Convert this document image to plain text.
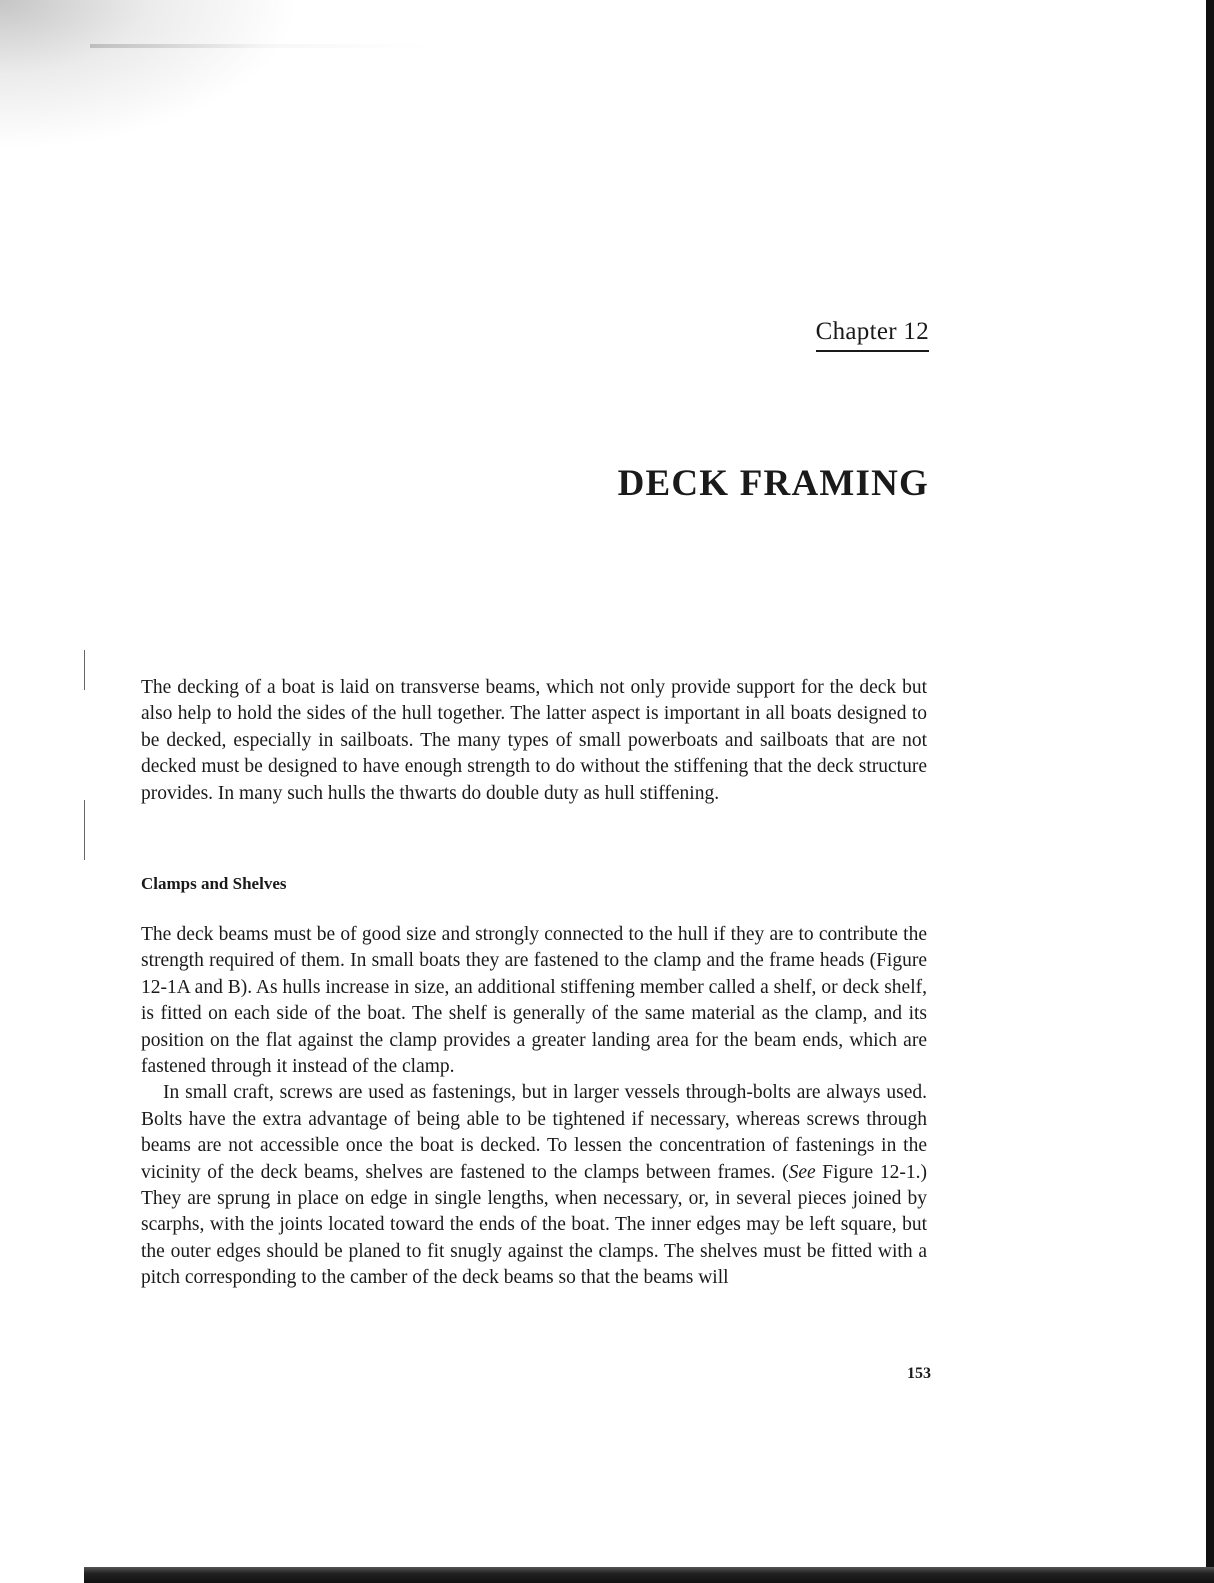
Chapter 12
DECK FRAMING

The decking of a boat is laid on transverse beams, which not only provide support for the deck but also help to hold the sides of the hull together. The latter aspect is important in all boats designed to be decked, especially in sailboats. The many types of small powerboats and sailboats that are not decked must be designed to have enough strength to do without the stiffening that the deck structure provides. In many such hulls the thwarts do double duty as hull stiffening.

Clamps and Shelves

The deck beams must be of good size and strongly connected to the hull if they are to contribute the strength required of them. In small boats they are fastened to the clamp and the frame heads (Figure 12-1A and B). As hulls increase in size, an additional stiffening member called a shelf, or deck shelf, is fitted on each side of the boat. The shelf is generally of the same material as the clamp, and its position on the flat against the clamp provides a greater landing area for the beam ends, which are fastened through it instead of the clamp.

In small craft, screws are used as fastenings, but in larger vessels through-bolts are always used. Bolts have the extra advantage of being able to be tightened if necessary, whereas screws through beams are not accessible once the boat is decked. To lessen the concentration of fastenings in the vicinity of the deck beams, shelves are fastened to the clamps between frames. (See Figure 12-1.) They are sprung in place on edge in single lengths, when necessary, or, in several pieces joined by scarphs, with the joints located toward the ends of the boat. The inner edges may be left square, but the outer edges should be planed to fit snugly against the clamps. The shelves must be fitted with a pitch corresponding to the camber of the deck beams so that the beams will

153
